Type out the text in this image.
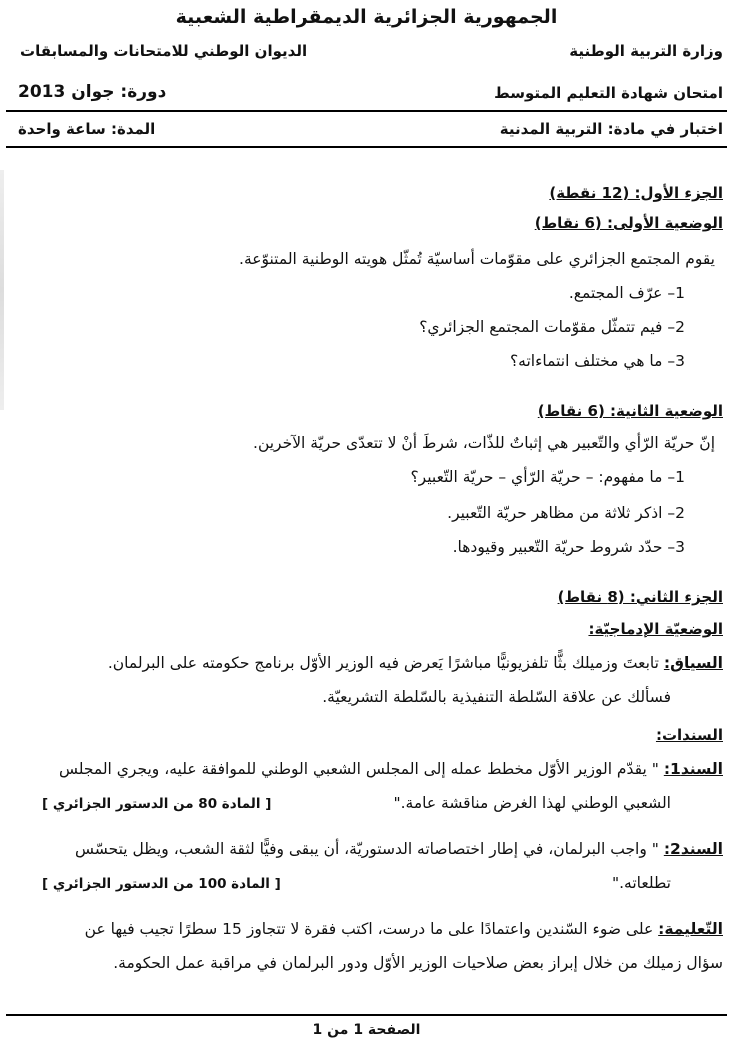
الجمهورية الجزائرية الديمقراطية الشعبية
وزارة التربية الوطنية
الديوان الوطني للامتحانات والمسابقات
امتحان شهادة التعليم المتوسط
دورة: جوان 2013
اختبار في مادة: التربية المدنية
المدة: ساعة واحدة
الجزء الأول: (12 نقطة)
الوضعية الأولى: (6 نقاط)
يقوم المجتمع الجزائري على مقوّمات أساسيّة تُمثّل هويته الوطنية المتنوّعة.
1– عرّف المجتمع.
2– فيم تتمثّل مقوّمات المجتمع الجزائري؟
3– ما هي مختلف انتماءاته؟
الوضعية الثانية: (6 نقاط)
إنّ حريّة الرّأي والتّعبير هي إثباتٌ للذّات، شرطَ أنْ لا تتعدّى حريّة الآخرين.
1– ما مفهوم: – حريّة الرّأي – حريّة التّعبير؟
2– اذكر ثلاثة من مظاهر حريّة التّعبير.
3– حدّد شروط حريّة التّعبير وقيودها.
الجزء الثاني: (8 نقاط)
الوضعيّة الإدماجيّة:
السياق: تابعتَ وزميلك بثًّا تلفزيونيًّا مباشرًا يَعرض فيه الوزير الأوّل برنامج حكومته على البرلمان.
فسألك عن علاقة السّلطة التنفيذية بالسّلطة التشريعيّة.
السندات:
السند1: " يقدّم الوزير الأوّل مخطط عمله إلى المجلس الشعبي الوطني للموافقة عليه، ويجري المجلس
الشعبي الوطني لهذا الغرض مناقشة عامة."
[ المادة 80 من الدستور الجزائري ]
السند2: " واجب البرلمان، في إطار اختصاصاته الدستوريّة، أن يبقى وفيًّا لثقة الشعب، ويظل يتحسّس
تطلعاته."
[ المادة 100 من الدستور الجزائري ]
التّعليمة: على ضوء السّندين واعتمادًا على ما درست، اكتب فقرة لا تتجاوز 15 سطرًا تجيب فيها عن
سؤال زميلك من خلال إبراز بعض صلاحيات الوزير الأوّل ودور البرلمان في مراقبة عمل الحكومة.
الصفحة 1 من 1
